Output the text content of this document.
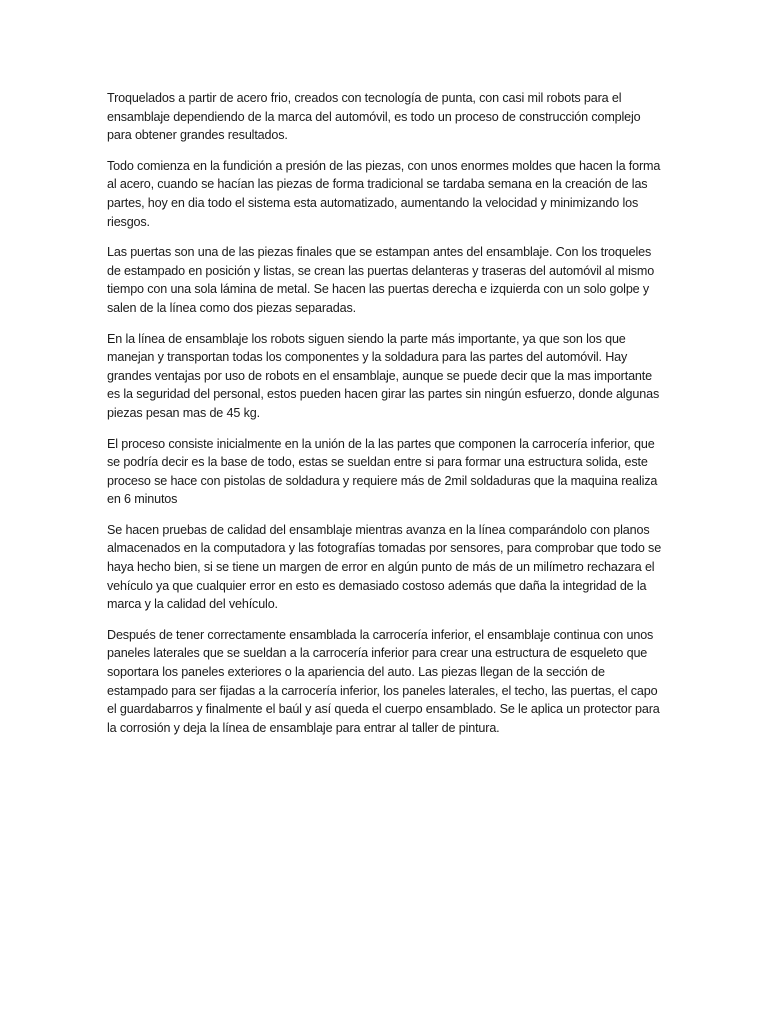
Troquelados a partir de acero frio, creados con tecnología de punta, con casi mil robots para el ensamblaje dependiendo de la marca del automóvil, es todo un proceso de construcción complejo para obtener grandes resultados.

Todo comienza en la fundición a presión de las piezas, con unos enormes moldes que hacen la forma al acero, cuando se hacían las piezas de forma tradicional se tardaba semana en la creación de las partes, hoy en dia todo el sistema esta automatizado, aumentando la velocidad y minimizando los riesgos.

Las puertas son una de las piezas finales que se estampan antes del ensamblaje. Con los troqueles de estampado en posición y listas, se crean las puertas delanteras y traseras del automóvil al mismo tiempo con una sola lámina de metal. Se hacen las puertas derecha e izquierda con un solo golpe y salen de la línea como dos piezas separadas.

En la línea de ensamblaje los robots siguen siendo la parte más importante, ya que son los que manejan y transportan todas los componentes y la soldadura para las partes del automóvil. Hay grandes ventajas por uso de robots en el ensamblaje, aunque se puede decir que la mas importante es la seguridad del personal, estos pueden hacen girar las partes sin ningún esfuerzo, donde algunas piezas pesan mas de 45 kg.

El proceso consiste inicialmente en la unión de la las partes que componen la carrocería inferior, que se podría decir es la base de todo, estas se sueldan entre si para formar una estructura solida, este proceso se hace con pistolas de soldadura y requiere más de 2mil soldaduras que la maquina realiza en 6 minutos

Se hacen pruebas de calidad del ensamblaje mientras avanza en la línea comparándolo con planos almacenados en la computadora y las fotografías tomadas por sensores, para comprobar que todo se haya hecho bien, si se tiene un margen de error en algún punto de más de un milímetro rechazara el vehículo ya que cualquier error en esto es demasiado costoso además que daña la integridad de la marca y la calidad del vehículo.

Después de tener correctamente ensamblada la carrocería inferior, el ensamblaje continua con unos paneles laterales que se sueldan a la carrocería inferior para crear una estructura de esqueleto que soportara los paneles exteriores o la apariencia del auto. Las piezas llegan de la sección de estampado para ser fijadas a la carrocería inferior, los paneles laterales, el techo, las puertas, el capo el guardabarros y finalmente el baúl y así queda el cuerpo ensamblado. Se le aplica un protector para la corrosión y deja la línea de ensamblaje para entrar al taller de pintura.
